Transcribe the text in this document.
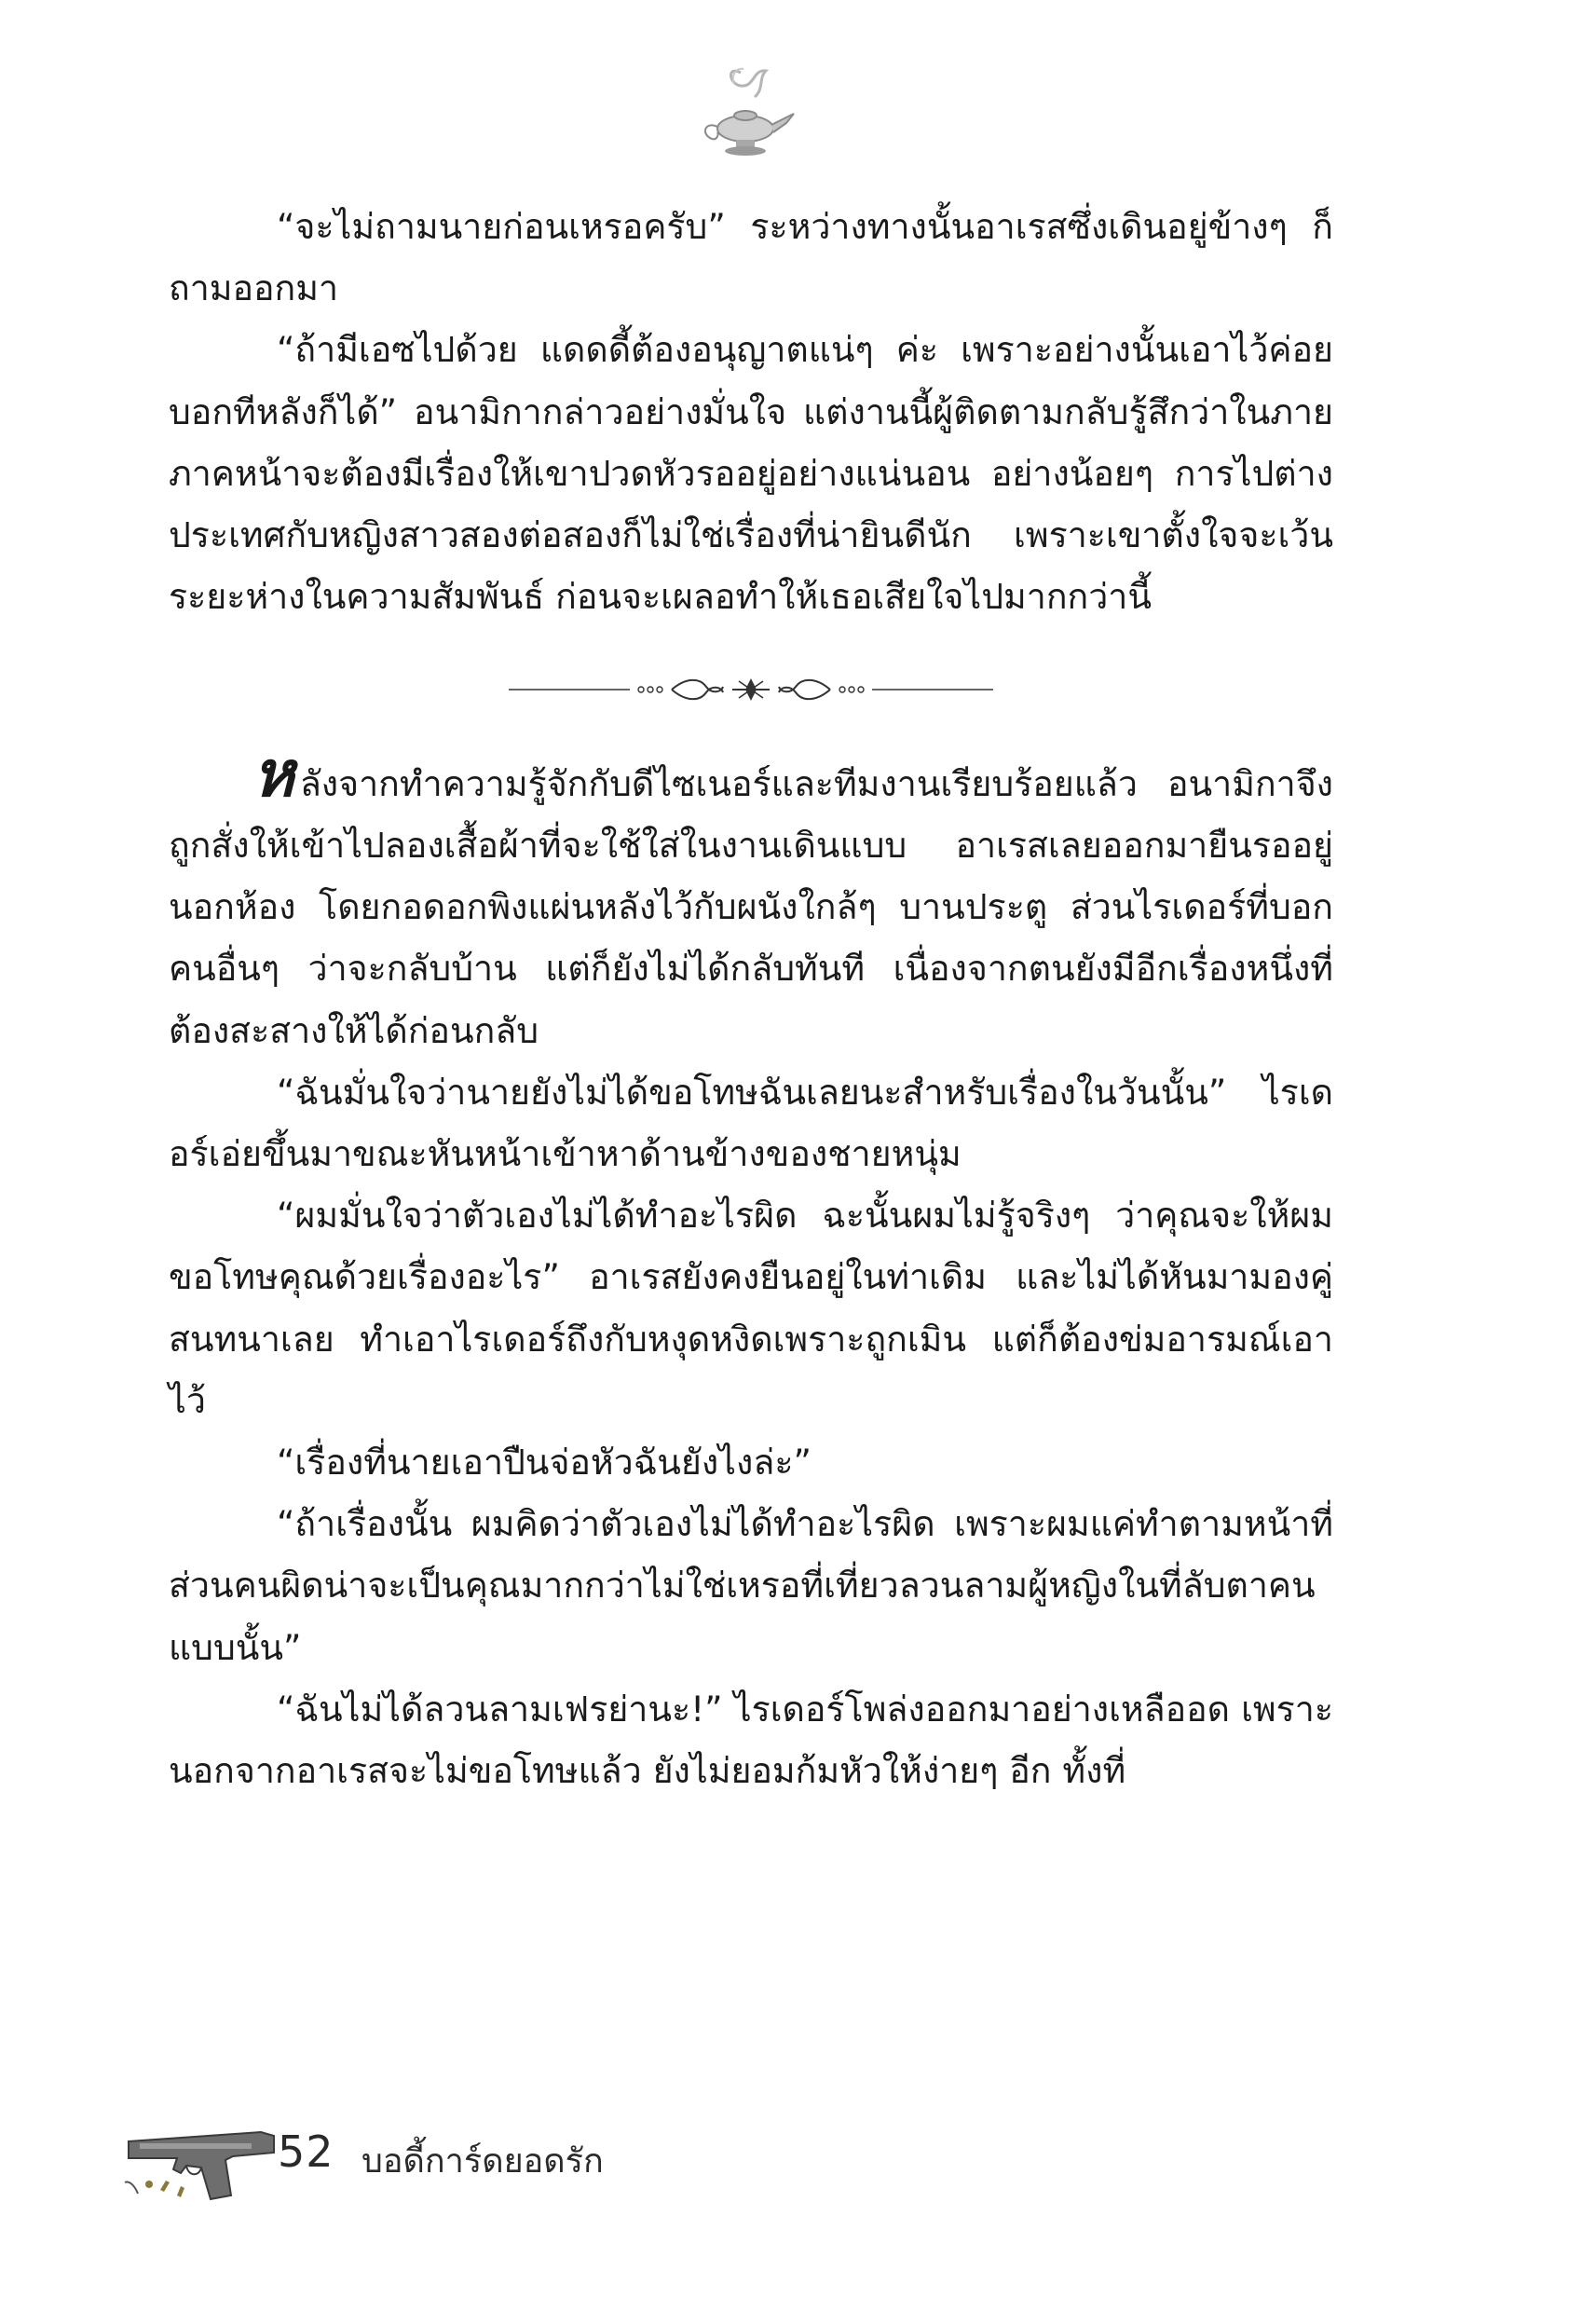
“จะไม่ถามนายก่อนเหรอครับ” ระหว่างทางนั้นอาเรสซึ่งเดินอยู่ข้างๆ ก็ถามออกมา

“ถ้ามีเอซไปด้วย แดดดี้ต้องอนุญาตแน่ๆ ค่ะ เพราะอย่างนั้นเอาไว้ค่อยบอกทีหลังก็ได้” อนามิกากล่าวอย่างมั่นใจ แต่งานนี้ผู้ติดตามกลับรู้สึกว่าในภายภาคหน้าจะต้องมีเรื่องให้เขาปวดหัวรออยู่อย่างแน่นอน อย่างน้อยๆ การไปต่างประเทศกับหญิงสาวสองต่อสองก็ไม่ใช่เรื่องที่น่ายินดีนัก เพราะเขาตั้งใจจะเว้นระยะห่างในความสัมพันธ์ ก่อนจะเผลอทำให้เธอเสียใจไปมากกว่านี้

หลังจากทำความรู้จักกับดีไซเนอร์และทีมงานเรียบร้อยแล้ว อนามิกาจึงถูกสั่งให้เข้าไปลองเสื้อผ้าที่จะใช้ใส่ในงานเดินแบบ อาเรสเลยออกมายืนรออยู่นอกห้อง โดยกอดอกพิงแผ่นหลังไว้กับผนังใกล้ๆ บานประตู ส่วนไรเดอร์ที่บอกคนอื่นๆ ว่าจะกลับบ้าน แต่ก็ยังไม่ได้กลับทันที เนื่องจากตนยังมีอีกเรื่องหนึ่งที่ต้องสะสางให้ได้ก่อนกลับ

“ฉันมั่นใจว่านายยังไม่ได้ขอโทษฉันเลยนะสำหรับเรื่องในวันนั้น” ไรเดอร์เอ่ยขึ้นมาขณะหันหน้าเข้าหาด้านข้างของชายหนุ่ม

“ผมมั่นใจว่าตัวเองไม่ได้ทำอะไรผิด ฉะนั้นผมไม่รู้จริงๆ ว่าคุณจะให้ผมขอโทษคุณด้วยเรื่องอะไร” อาเรสยังคงยืนอยู่ในท่าเดิม และไม่ได้หันมามองคู่สนทนาเลย ทำเอาไรเดอร์ถึงกับหงุดหงิดเพราะถูกเมิน แต่ก็ต้องข่มอารมณ์เอาไว้

“เรื่องที่นายเอาปืนจ่อหัวฉันยังไงล่ะ”

“ถ้าเรื่องนั้น ผมคิดว่าตัวเองไม่ได้ทำอะไรผิด เพราะผมแค่ทำตามหน้าที่ ส่วนคนผิดน่าจะเป็นคุณมากกว่าไม่ใช่เหรอที่เที่ยวลวนลามผู้หญิงในที่ลับตาคนแบบนั้น”

“ฉันไม่ได้ลวนลามเฟรย่านะ!” ไรเดอร์โพล่งออกมาอย่างเหลืออด เพราะนอกจากอาเรสจะไม่ขอโทษแล้ว ยังไม่ยอมก้มหัวให้ง่ายๆ อีก ทั้งที่

52 บอดี้การ์ดยอดรัก
